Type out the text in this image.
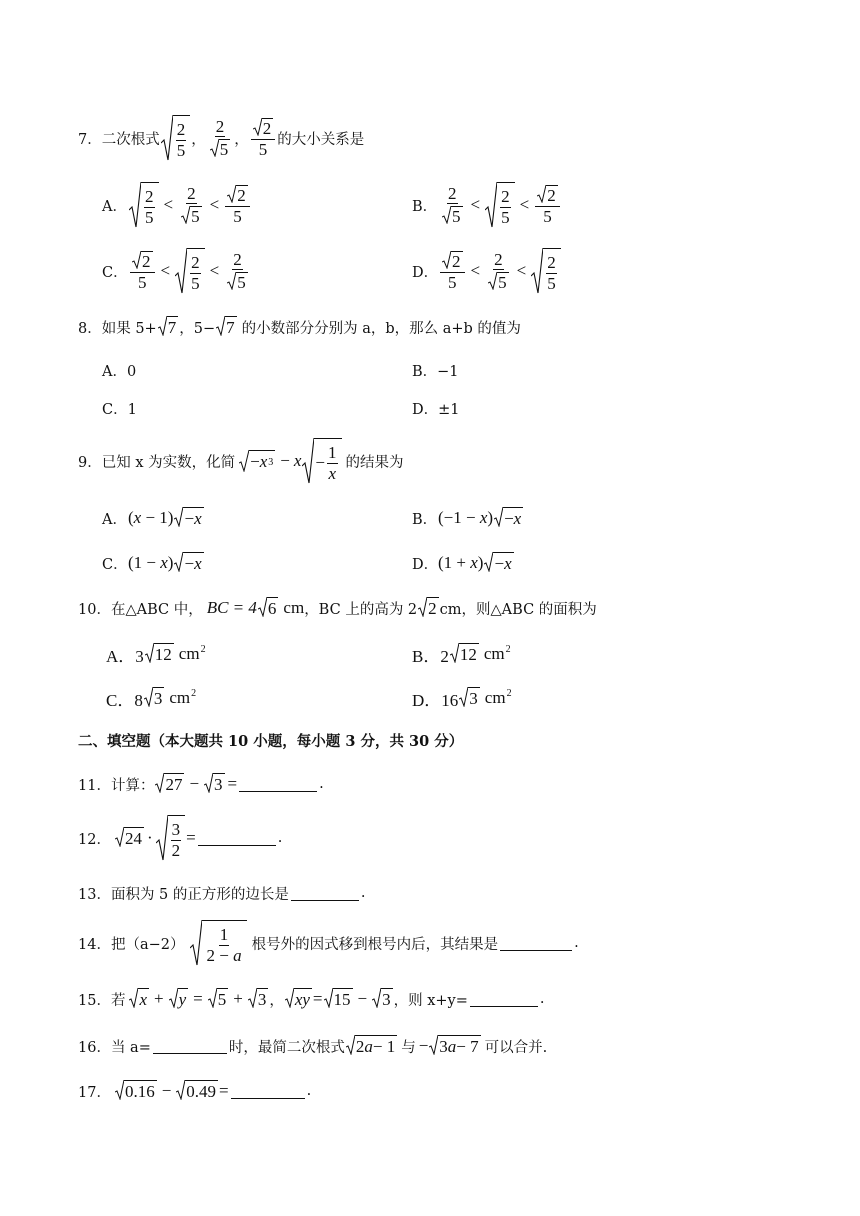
7．二次根式 $\frac{2}{5}$ ， $\frac{2}{5}$ ， $\frac{2}{5}$ 的大小关系是
A． $\frac{2}{5} < \frac{2}{5} < \frac{2}{5}$	B． $\frac{2}{5} < \frac{2}{5} < \frac{2}{5}$
C． $\frac{2}{5} < \frac{2}{5} < \frac{2}{5}$	D． $\frac{2}{5} < \frac{2}{5} < \frac{2}{5}$
8．如果 5+ 7 ，5− 7 的小数部分分别为 a，b，那么 a+b 的值为
A．0	B．−1
C．1	D．±1
9．已知 x 为实数，化简 − x $3 - x - \frac{1}{x}$ 的结果为
A． (x − 1) − x	B． (−1 − x) − x
C． (1 − x) − x	D． (1 + x) − x
10．在△ABC 中， BC = 4 6 cm ，BC 上的高为 2 2 cm，则△ABC 的面积为
A．3 12 $cm^2$	B．2 12 $cm^2$
C．8 3 $cm^2$	D．16 3 $cm^2$
二、填空题（本大题共 10 小题，每小题 3 分，共 30 分）
11．计算： 27 − 3 =	.
12． $24 \cdot \frac{3}{2}$ =	.
13．面积为 5 的正方形的边长是	.
14．把$(a-2) \frac{1}{2 - a}$ 根号外的因式移到根号内后，其结果是	.
15．若 x + y = 5 + 3 ， xy = 15 − 3 ，则 x+y=	.
16．当 a=	时，最简二次根式 2 a − 1 与 − 3 a − 7 可以合并.
17． 0.16 − 0.49 =	.
